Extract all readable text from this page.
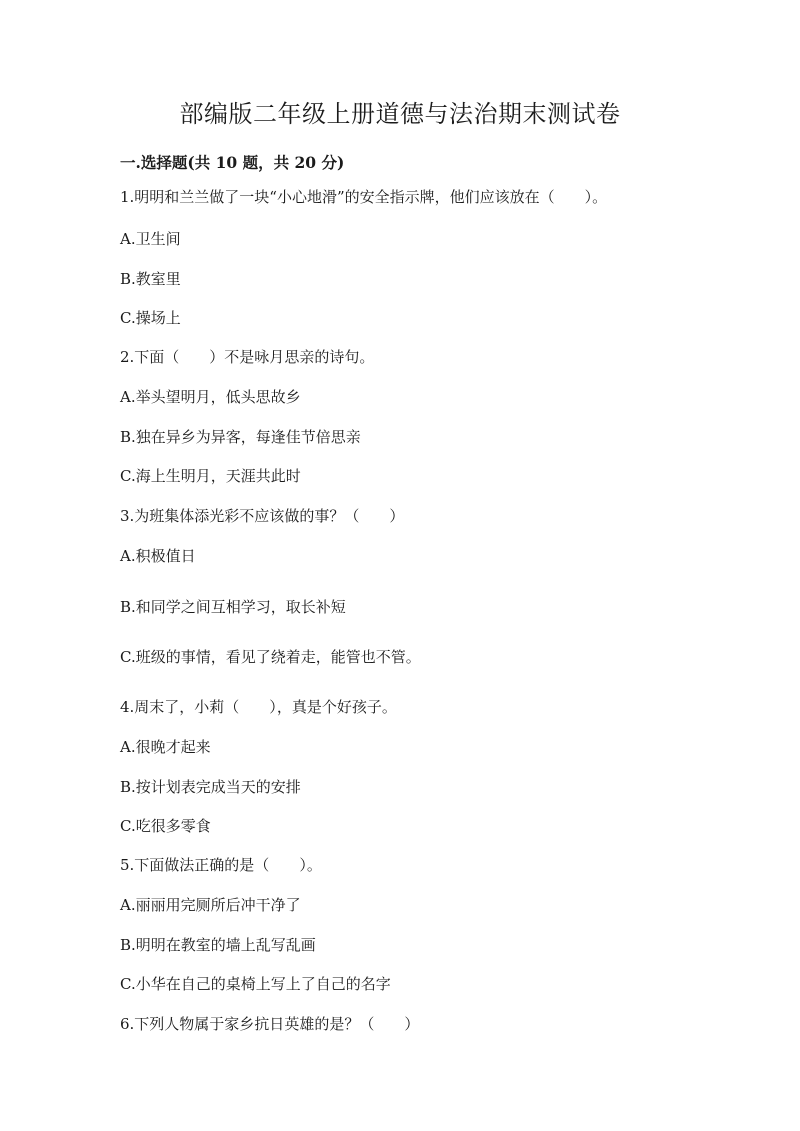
部编版二年级上册道德与法治期末测试卷
一.选择题(共 10 题，共 20 分)

1.明明和兰兰做了一块“小心地滑”的安全指示牌，他们应该放在（　　）。

A.卫生间

B.教室里

C.操场上

2.下面（　　）不是咏月思亲的诗句。

A.举头望明月，低头思故乡

B.独在异乡为异客，每逢佳节倍思亲

C.海上生明月，天涯共此时

3.为班集体添光彩不应该做的事？（　　）

A.积极值日

B.和同学之间互相学习，取长补短

C.班级的事情，看见了绕着走，能管也不管。

4.周末了，小莉（　　），真是个好孩子。

A.很晚才起来

B.按计划表完成当天的安排

C.吃很多零食

5.下面做法正确的是（　　）。

A.丽丽用完厕所后冲干净了

B.明明在教室的墙上乱写乱画

C.小华在自己的桌椅上写上了自己的名字

6.下列人物属于家乡抗日英雄的是？（　　）
